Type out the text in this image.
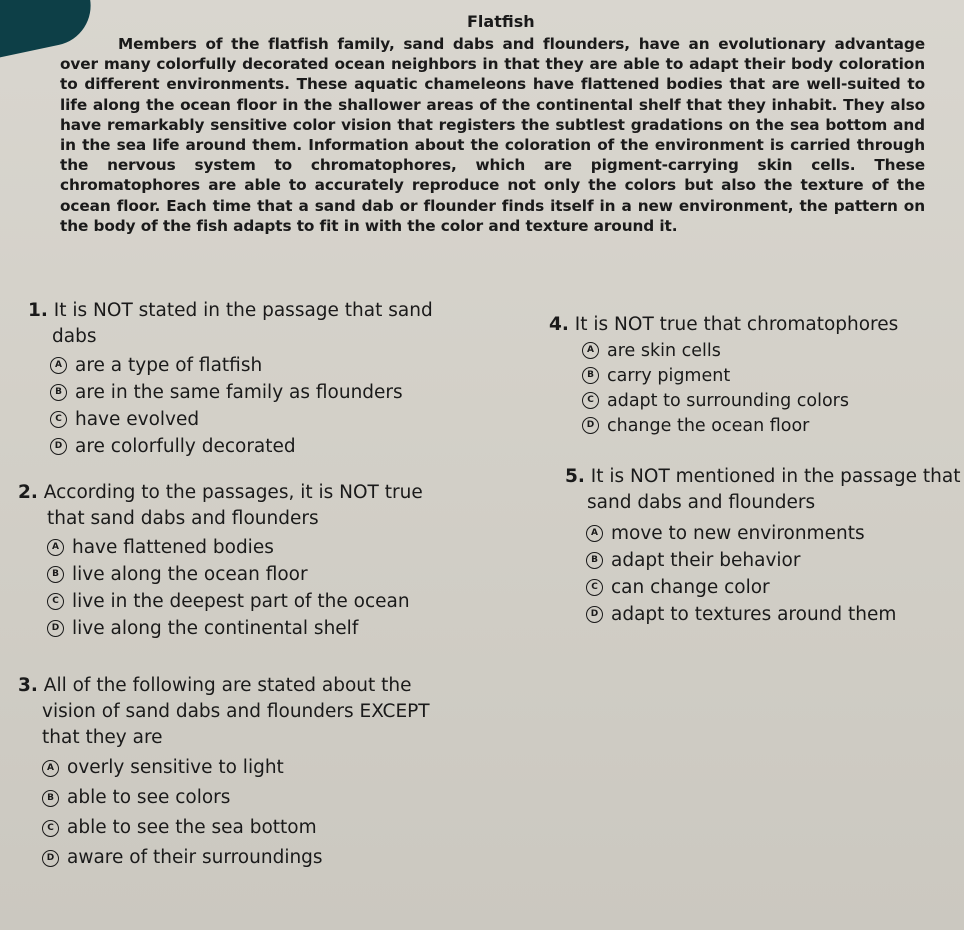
Flatfish

Members of the flatfish family, sand dabs and flounders, have an evolutionary advantage over many colorfully decorated ocean neighbors in that they are able to adapt their body coloration to different environments. These aquatic chameleons have flattened bodies that are well-suited to life along the ocean floor in the shallower areas of the continental shelf that they inhabit. They also have remarkably sensitive color vision that registers the subtlest gradations on the sea bottom and in the sea life around them. Information about the coloration of the environment is carried through the nervous system to chromatophores, which are pigment-carrying skin cells. These chromatophores are able to accurately reproduce not only the colors but also the texture of the ocean floor. Each time that a sand dab or flounder finds itself in a new environment, the pattern on the body of the fish adapts to fit in with the color and texture around it.

1. It is NOT stated in the passage that sand
dabs
A are a type of flatfish
B are in the same family as flounders
C have evolved
D are colorfully decorated
4. It is NOT true that chromatophores
A are skin cells
B carry pigment
C adapt to surrounding colors
D change the ocean floor
2. According to the passages, it is NOT true
that sand dabs and flounders
A have flattened bodies
B live along the ocean floor
C live in the deepest part of the ocean
D live along the continental shelf
5. It is NOT mentioned in the passage that
sand dabs and flounders
A move to new environments
B adapt their behavior
C can change color
D adapt to textures around them
3. All of the following are stated about the
vision of sand dabs and flounders EXCEPT
that they are
A overly sensitive to light
B able to see colors
C able to see the sea bottom
D aware of their surroundings
